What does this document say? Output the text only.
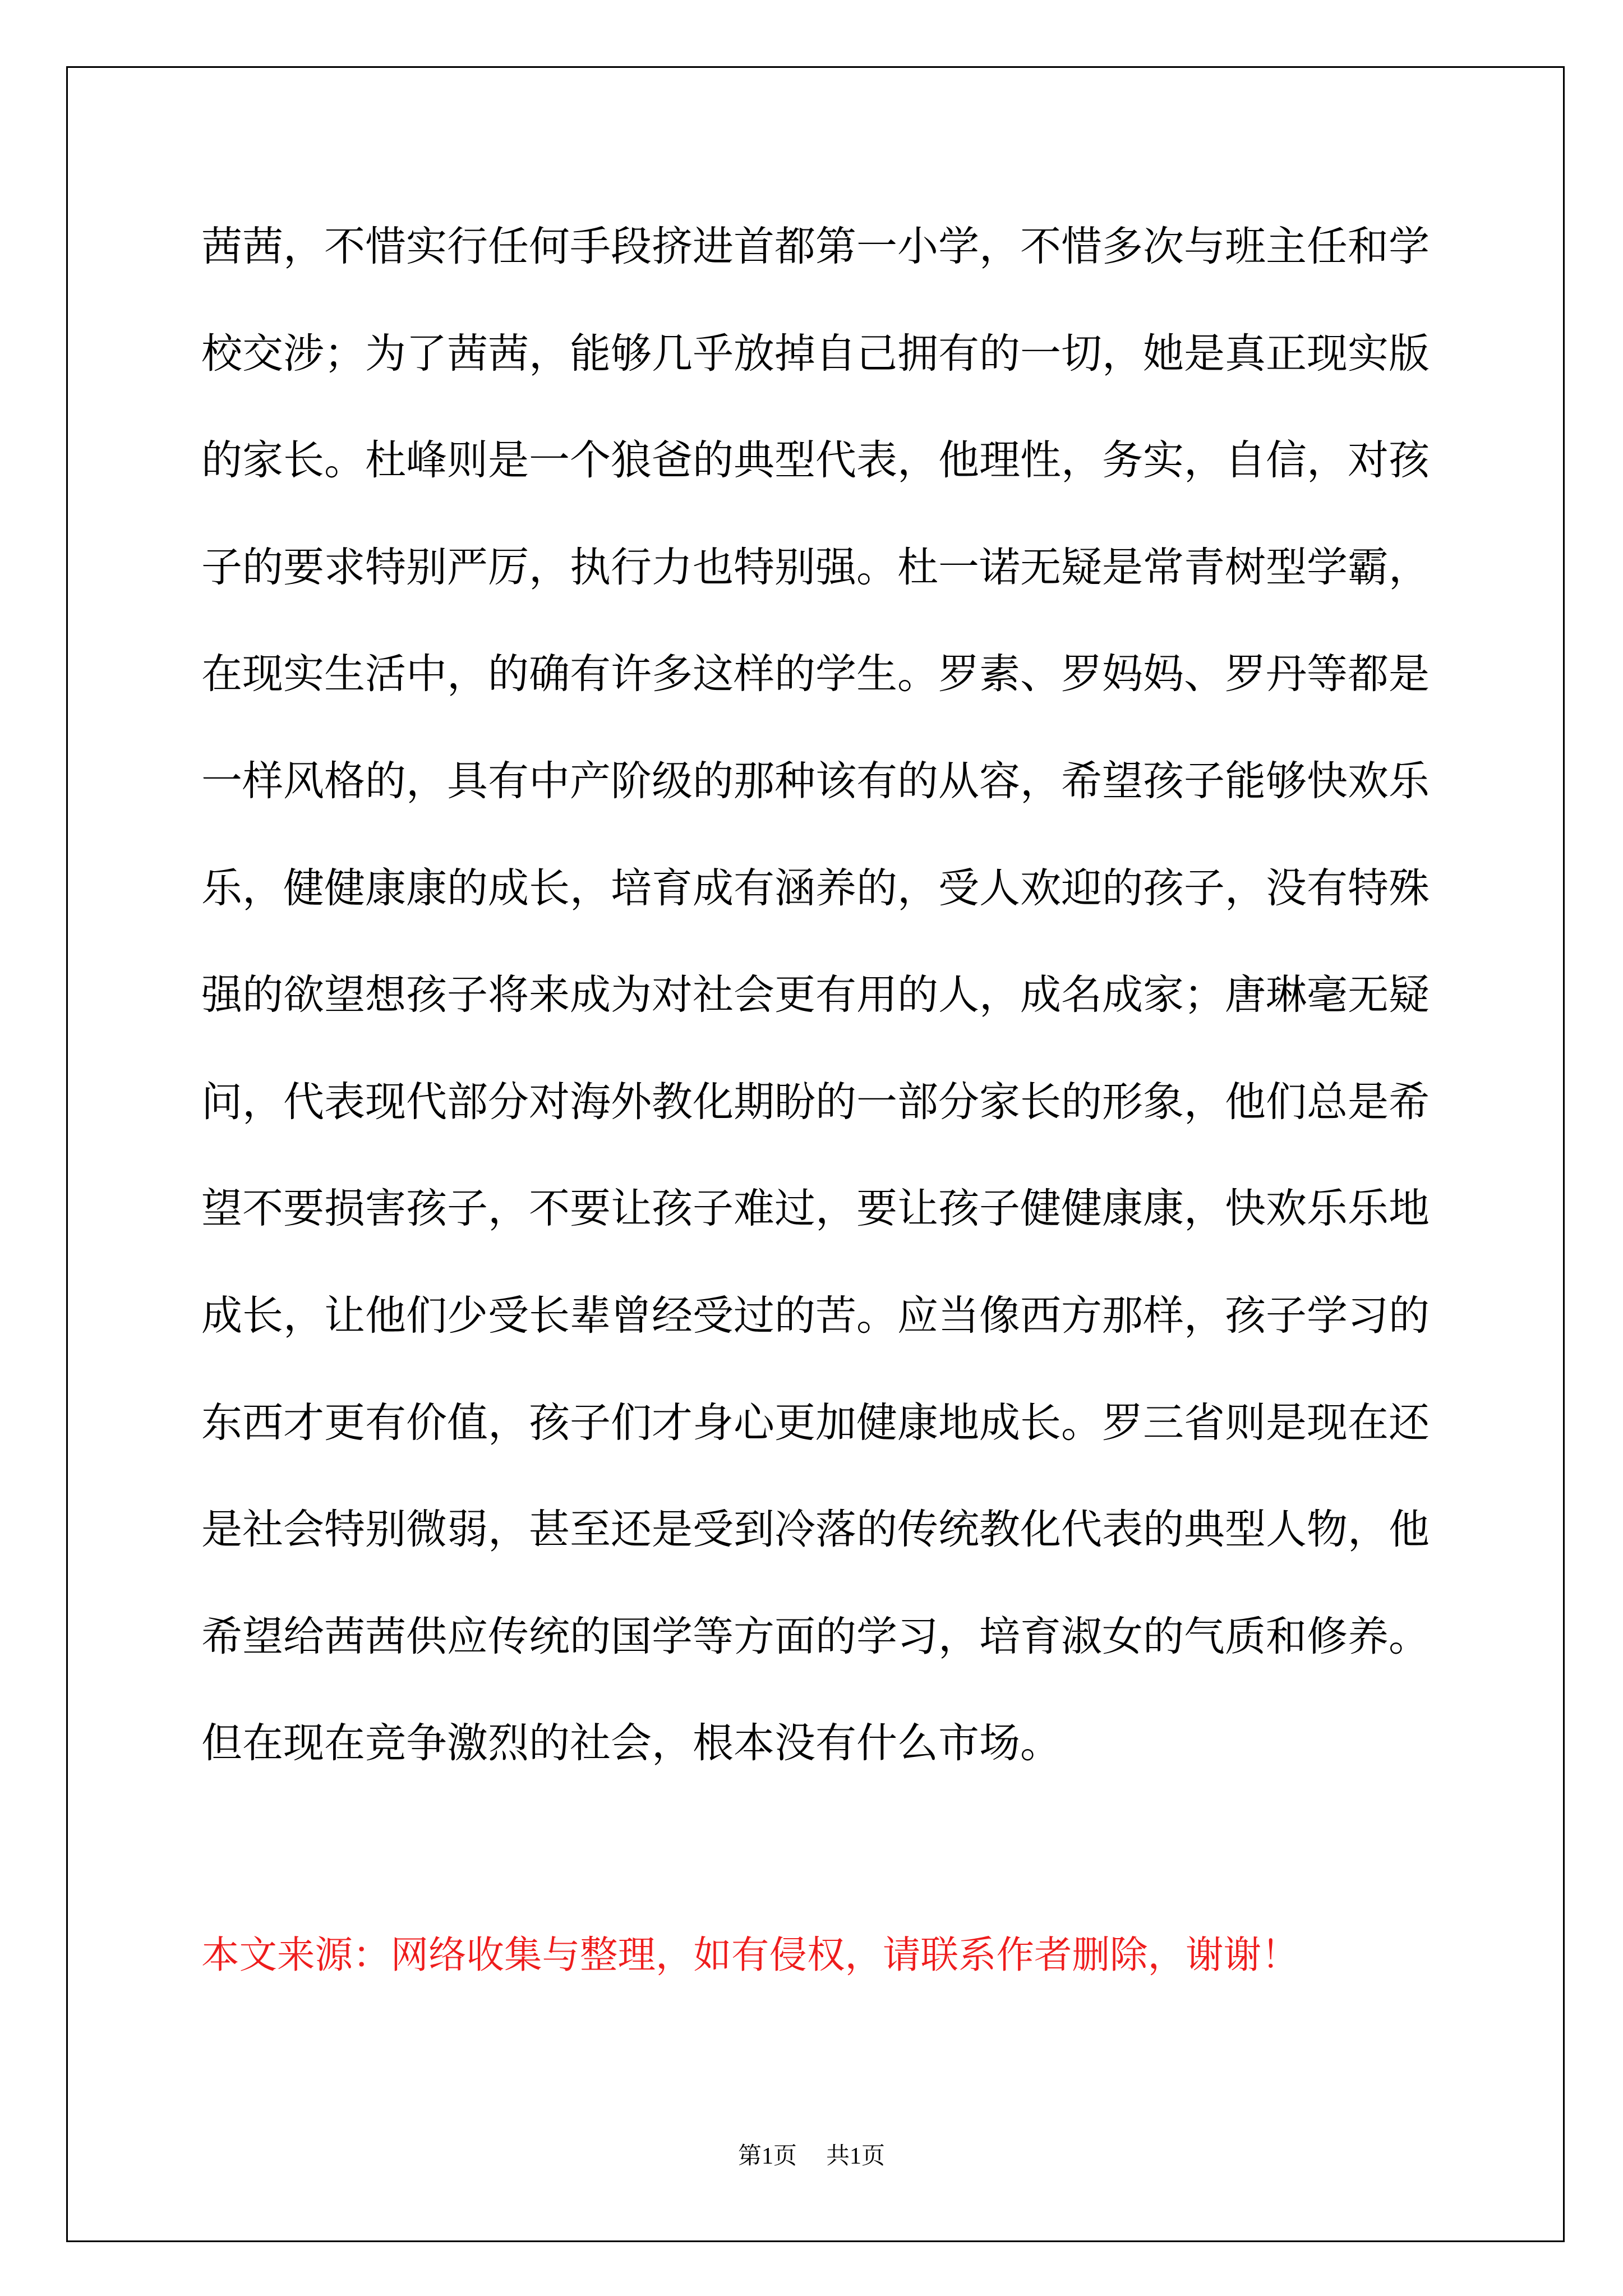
茜茜，不惜实行任何手段挤进首都第一小学，不惜多次与班主任和学
校交涉；为了茜茜，能够几乎放掉自己拥有的一切，她是真正现实版
的家长。杜峰则是一个狼爸的典型代表，他理性，务实，自信，对孩
子的要求特别严厉，执行力也特别强。杜一诺无疑是常青树型学霸，
在现实生活中，的确有许多这样的学生。罗素、罗妈妈、罗丹等都是
一样风格的，具有中产阶级的那种该有的从容，希望孩子能够快欢乐
乐，健健康康的成长，培育成有涵养的，受人欢迎的孩子，没有特殊
强的欲望想孩子将来成为对社会更有用的人，成名成家；唐琳毫无疑
问，代表现代部分对海外教化期盼的一部分家长的形象，他们总是希
望不要损害孩子，不要让孩子难过，要让孩子健健康康，快欢乐乐地
成长，让他们少受长辈曾经受过的苦。应当像西方那样，孩子学习的
东西才更有价值，孩子们才身心更加健康地成长。罗三省则是现在还
是社会特别微弱，甚至还是受到冷落的传统教化代表的典型人物，他
希望给茜茜供应传统的国学等方面的学习，培育淑女的气质和修养。
但在现在竞争激烈的社会，根本没有什么市场。
本文来源：网络收集与整理，如有侵权，请联系作者删除，谢谢！
第1页 共1页
